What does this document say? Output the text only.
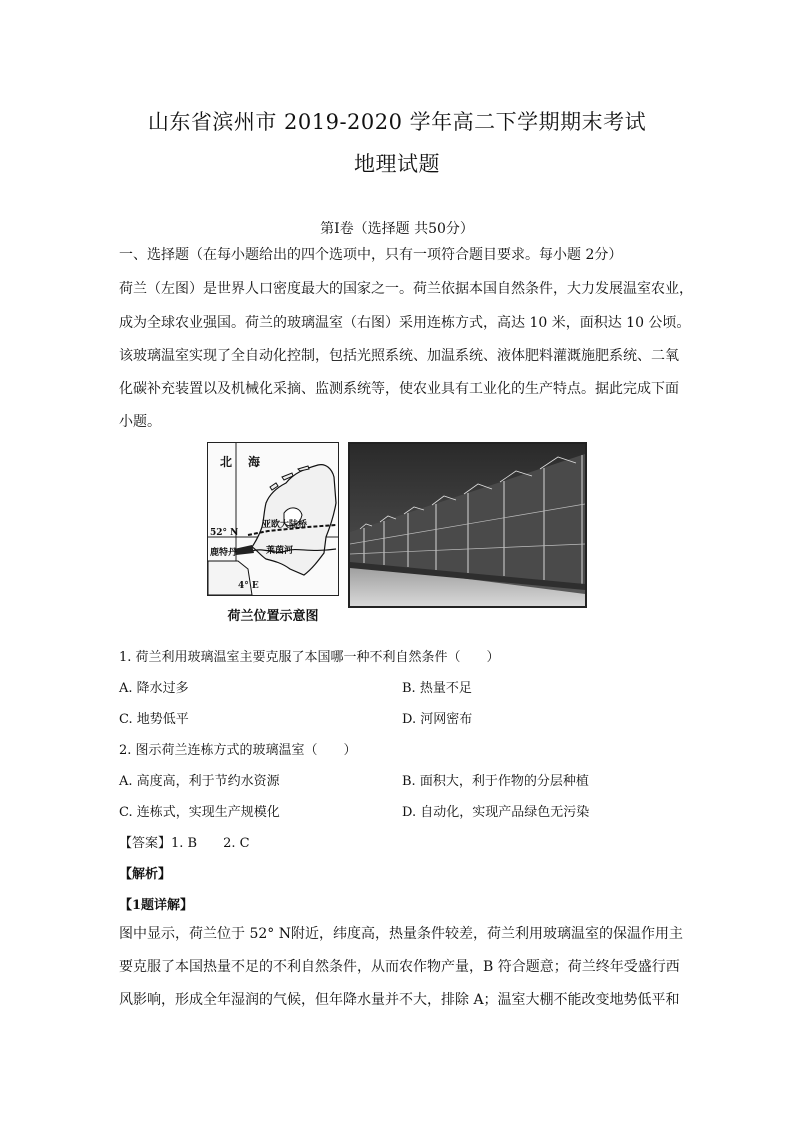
山东省滨州市 2019-2020 学年高二下学期期末考试
地理试题
第Ⅰ卷（选择题 共50分）
一、选择题（在每小题给出的四个选项中，只有一项符合题目要求。每小题 2分）
荷兰（左图）是世界人口密度最大的国家之一。荷兰依据本国自然条件，大力发展温室农业，
成为全球农业强国。荷兰的玻璃温室（右图）采用连栋方式，高达 10 米，面积达 10 公顷。
该玻璃温室实现了全自动化控制，包括光照系统、加温系统、液体肥料灌溉施肥系统、二氧
化碳补充装置以及机械化采摘、监测系统等，使农业具有工业化的生产特点。据此完成下面
小题。
北 海
亚欧大陆桥
52° N
鹿特丹	莱茵河
4° E
荷兰位置示意图
1. 荷兰利用玻璃温室主要克服了本国哪一种不利自然条件（　　）
A. 降水过多	B. 热量不足
C. 地势低平	D. 河网密布
2. 图示荷兰连栋方式的玻璃温室（　　）
A. 高度高，利于节约水资源	B. 面积大，利于作物的分层种植
C. 连栋式，实现生产规模化	D. 自动化，实现产品绿色无污染
【答案】1. B　　2. C
【解析】
【1题详解】
图中显示，荷兰位于 52° N附近，纬度高，热量条件较差，荷兰利用玻璃温室的保温作用主
要克服了本国热量不足的不利自然条件，从而农作物产量，B 符合题意；荷兰终年受盛行西
风影响，形成全年湿润的气候，但年降水量并不大，排除 A；温室大棚不能改变地势低平和
